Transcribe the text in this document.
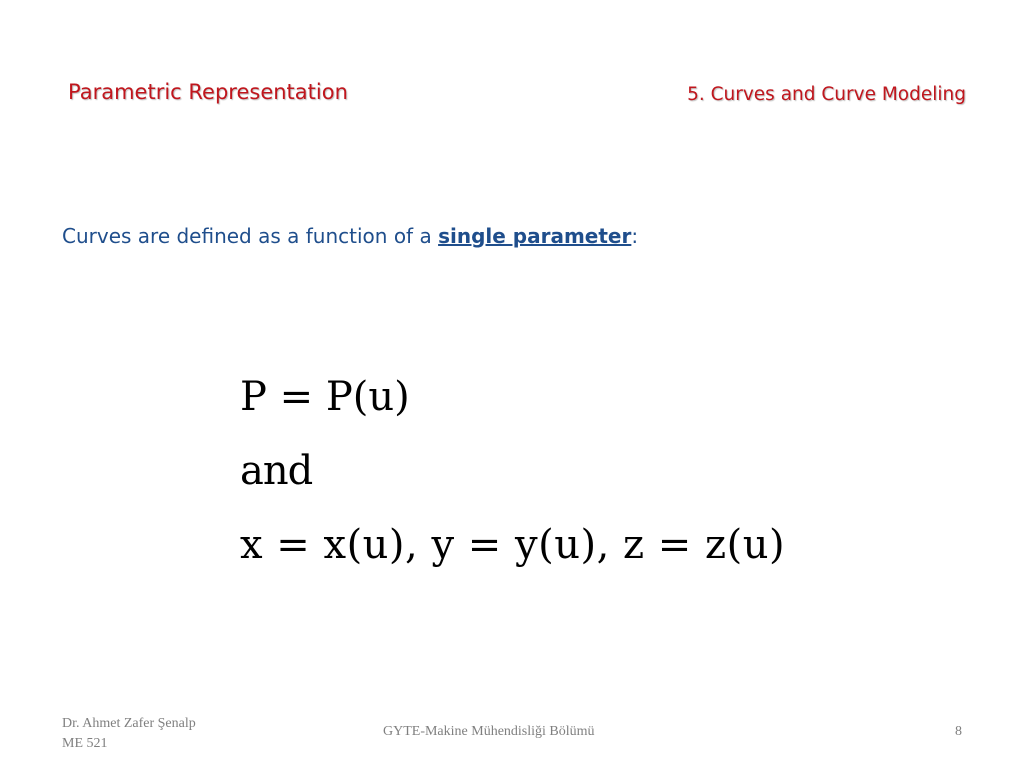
Parametric Representation	5. Curves and Curve Modeling
Curves are defined as a function of a single parameter:
P = P(u)
and
x = x(u), y = y(u), z = z(u)
Dr. Ahmet Zafer Şenalp
ME 521
GYTE-Makine Mühendisliği Bölümü	8
